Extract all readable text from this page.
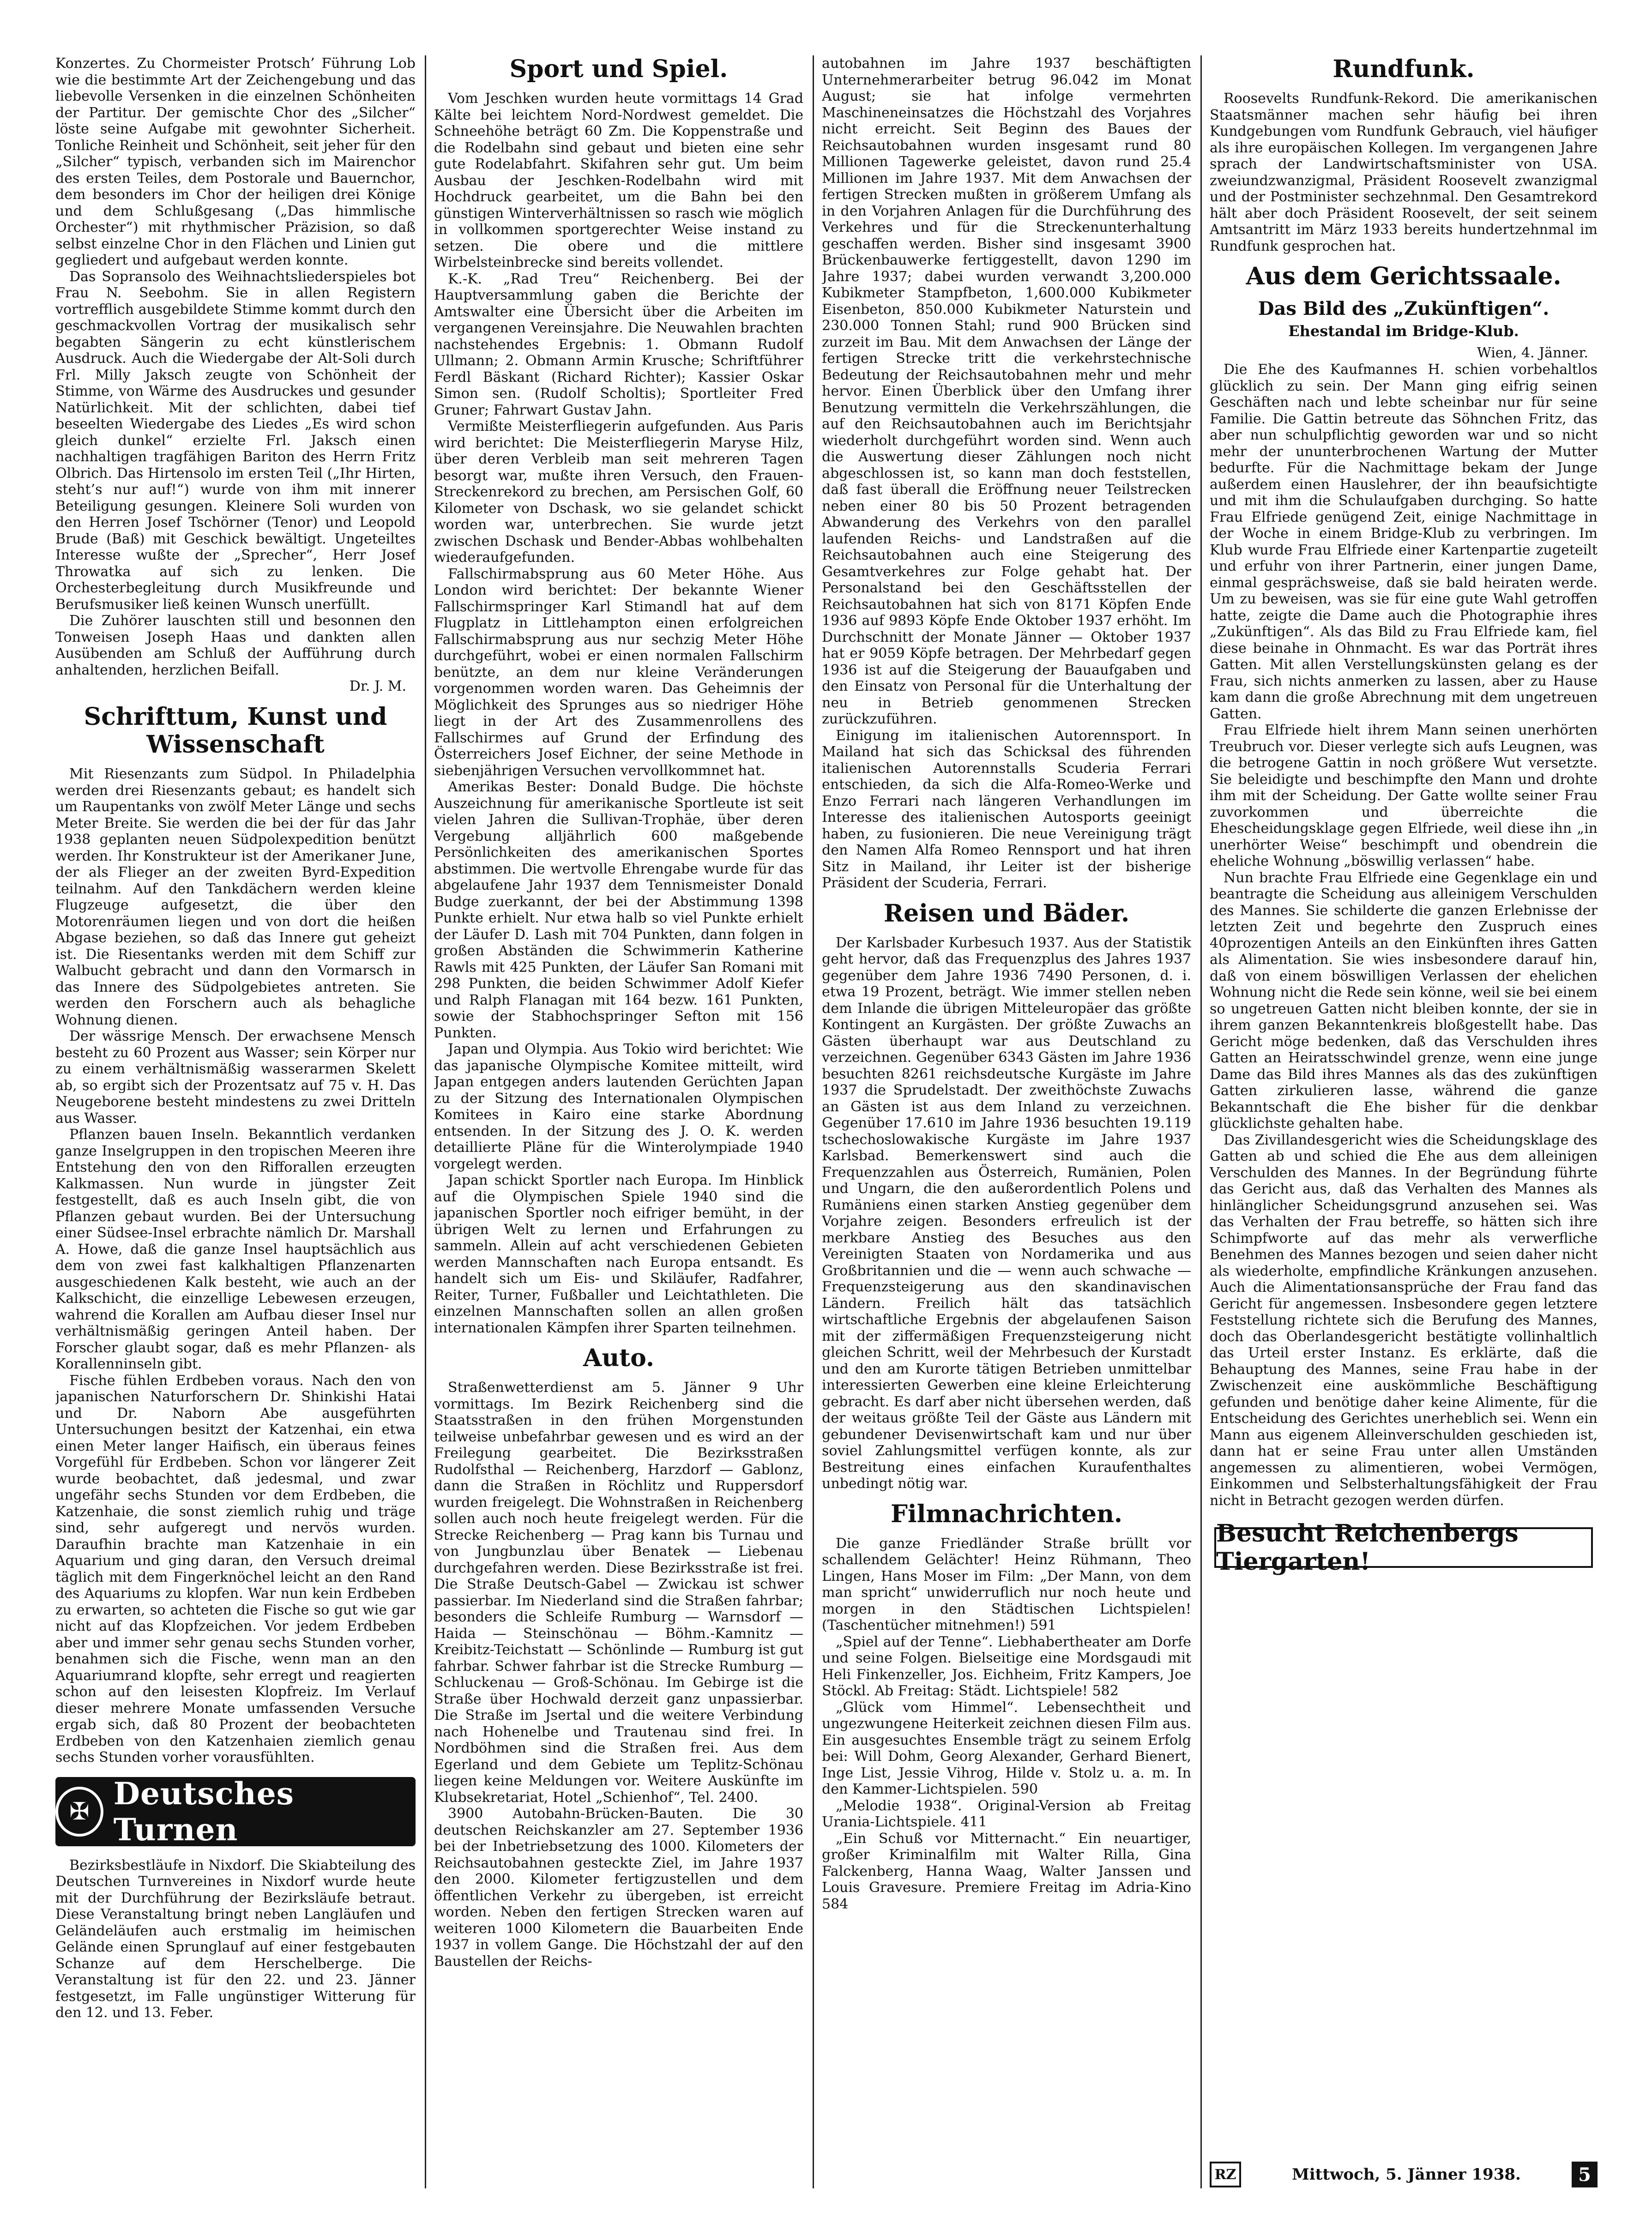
Konzertes. Zu Chormeister Protsch’ Führung Lob wie die bestimmte Art der Zeichengebung und das liebevolle Versenken in die einzelnen Schönheiten der Partitur. Der gemischte Chor des „Silcher“ löste seine Aufgabe mit gewohnter Sicherheit. Tonliche Reinheit und Schönheit, seit jeher für den „Silcher“ typisch, verbanden sich im Mairenchor des ersten Teiles, dem Postorale und Bauernchor, dem besonders im Chor der heiligen drei Könige und dem Schlußgesang („Das himmlische Orchester“) mit rhythmischer Präzision, so daß selbst einzelne Chor in den Flächen und Linien gut gegliedert und aufgebaut werden konnte.

Das Sopransolo des Weihnachtsliederspieles bot Frau N. Seebohm. Sie in allen Registern vortrefflich ausgebildete Stimme kommt durch den geschmackvollen Vortrag der musikalisch sehr begabten Sängerin zu echt künstlerischem Ausdruck. Auch die Wiedergabe der Alt-Soli durch Frl. Milly Jaksch zeugte von Schönheit der Stimme, von Wärme des Ausdruckes und gesunder Natürlichkeit. Mit der schlichten, dabei tief beseelten Wiedergabe des Liedes „Es wird schon gleich dunkel“ erzielte Frl. Jaksch einen nachhaltigen tragfähigen Bariton des Herrn Fritz Olbrich. Das Hirtensolo im ersten Teil („Ihr Hirten, steht’s nur auf!“) wurde von ihm mit innerer Beteiligung gesungen. Kleinere Soli wurden von den Herren Josef Tschörner (Tenor) und Leopold Brude (Baß) mit Geschick bewältigt. Ungeteiltes Interesse wußte der „Sprecher“, Herr Josef Throwatka auf sich zu lenken. Die Orchesterbegleitung durch Musikfreunde und Berufsmusiker ließ keinen Wunsch unerfüllt.

Die Zuhörer lauschten still und besonnen den Tonweisen Joseph Haas und dankten allen Ausübenden am Schluß der Aufführung durch anhaltenden, herzlichen Beifall.

Dr. J. M.

Schrifttum, Kunst und Wissenschaft

Mit Riesenzants zum Südpol. In Philadelphia werden drei Riesenzants gebaut; es handelt sich um Raupentanks von zwölf Meter Länge und sechs Meter Breite. Sie werden die bei der für das Jahr 1938 geplanten neuen Südpolexpedition benützt werden. Ihr Konstrukteur ist der Amerikaner June, der als Flieger an der zweiten Byrd-Expedition teilnahm. Auf den Tankdächern werden kleine Flugzeuge aufgesetzt, die über den Motorenräumen liegen und von dort die heißen Abgase beziehen, so daß das Innere gut geheizt ist. Die Riesentanks werden mit dem Schiff zur Walbucht gebracht und dann den Vormarsch in das Innere des Südpolgebietes antreten. Sie werden den Forschern auch als behagliche Wohnung dienen.

Der wässrige Mensch. Der erwachsene Mensch besteht zu 60 Prozent aus Wasser; sein Körper nur zu einem verhältnismäßig wasserarmen Skelett ab, so ergibt sich der Prozentsatz auf 75 v. H. Das Neugeborene besteht mindestens zu zwei Dritteln aus Wasser.

Pflanzen bauen Inseln. Bekanntlich verdanken ganze Inselgruppen in den tropischen Meeren ihre Entstehung den von den Rifforallen erzeugten Kalkmassen. Nun wurde in jüngster Zeit festgestellt, daß es auch Inseln gibt, die von Pflanzen gebaut wurden. Bei der Untersuchung einer Südsee-Insel erbrachte nämlich Dr. Marshall A. Howe, daß die ganze Insel hauptsächlich aus dem von zwei fast kalkhaltigen Pflanzenarten ausgeschiedenen Kalk besteht, wie auch an der Kalkschicht, die einzellige Lebewesen erzeugen, wahrend die Korallen am Aufbau dieser Insel nur verhältnismäßig geringen Anteil haben. Der Forscher glaubt sogar, daß es mehr Pflanzen- als Korallenninseln gibt.

Fische fühlen Erdbeben voraus. Nach den von japanischen Naturforschern Dr. Shinkishi Hatai und Dr. Naborn Abe ausgeführten Untersuchungen besitzt der Katzenhai, ein etwa einen Meter langer Haifisch, ein überaus feines Vorgefühl für Erdbeben. Schon vor längerer Zeit wurde beobachtet, daß jedesmal, und zwar ungefähr sechs Stunden vor dem Erdbeben, die Katzenhaie, die sonst ziemlich ruhig und träge sind, sehr aufgeregt und nervös wurden. Daraufhin brachte man Katzenhaie in ein Aquarium und ging daran, den Versuch dreimal täglich mit dem Fingerknöchel leicht an den Rand des Aquariums zu klopfen. War nun kein Erdbeben zu erwarten, so achteten die Fische so gut wie gar nicht auf das Klopfzeichen. Vor jedem Erdbeben aber und immer sehr genau sechs Stunden vorher, benahmen sich die Fische, wenn man an den Aquariumrand klopfte, sehr erregt und reagierten schon auf den leisesten Klopfreiz. Im Verlauf dieser mehrere Monate umfassenden Versuche ergab sich, daß 80 Prozent der beobachteten Erdbeben von den Katzenhaien ziemlich genau sechs Stunden vorher vorausfühlten.

✠ Deutsches Turnen

Bezirksbestläufe in Nixdorf. Die Skiabteilung des Deutschen Turnvereines in Nixdorf wurde heute mit der Durchführung der Bezirksläufe betraut. Diese Veranstaltung bringt neben Langläufen und Geländeläufen auch erstmalig im heimischen Gelände einen Sprunglauf auf einer festgebauten Schanze auf dem Herschelberge. Die Veranstaltung ist für den 22. und 23. Jänner festgesetzt, im Falle ungünstiger Witterung für den 12. und 13. Feber.

Sport und Spiel.

Vom Jeschken wurden heute vormittags 14 Grad Kälte bei leichtem Nord-Nordwest gemeldet. Die Schneehöhe beträgt 60 Zm. Die Koppenstraße und die Rodelbahn sind gebaut und bieten eine sehr gute Rodelabfahrt. Skifahren sehr gut. Um beim Ausbau der Jeschken-Rodelbahn wird mit Hochdruck gearbeitet, um die Bahn bei den günstigen Winterverhältnissen so rasch wie möglich in vollkommen sportgerechter Weise instand zu setzen. Die obere und die mittlere Wirbelsteinbrecke sind bereits vollendet.

K.-K. „Rad Treu“ Reichenberg. Bei der Hauptversammlung gaben die Berichte der Amtswalter eine Übersicht über die Arbeiten im vergangenen Vereinsjahre. Die Neuwahlen brachten nachstehendes Ergebnis: 1. Obmann Rudolf Ullmann; 2. Obmann Armin Krusche; Schriftführer Ferdl Bäskant (Richard Richter); Kassier Oskar Simon sen. (Rudolf Scholtis); Sportleiter Fred Gruner; Fahrwart Gustav Jahn.

Vermißte Meisterfliegerin aufgefunden. Aus Paris wird berichtet: Die Meisterfliegerin Maryse Hilz, über deren Verbleib man seit mehreren Tagen besorgt war, mußte ihren Versuch, den Frauen-Streckenrekord zu brechen, am Persischen Golf, 60 Kilometer von Dschask, wo sie gelandet schickt worden war, unterbrechen. Sie wurde jetzt zwischen Dschask und Bender-Abbas wohlbehalten wiederaufgefunden.

Fallschirmabsprung aus 60 Meter Höhe. Aus London wird berichtet: Der bekannte Wiener Fallschirmspringer Karl Stimandl hat auf dem Flugplatz in Littlehampton einen erfolgreichen Fallschirmabsprung aus nur sechzig Meter Höhe durchgeführt, wobei er einen normalen Fallschirm benützte, an dem nur kleine Veränderungen vorgenommen worden waren. Das Geheimnis der Möglichkeit des Sprunges aus so niedriger Höhe liegt in der Art des Zusammenrollens des Fallschirmes auf Grund der Erfindung des Österreichers Josef Eichner, der seine Methode in siebenjährigen Versuchen vervollkommnet hat.

Amerikas Bester: Donald Budge. Die höchste Auszeichnung für amerikanische Sportleute ist seit vielen Jahren die Sullivan-Trophäe, über deren Vergebung alljährlich 600 maßgebende Persönlichkeiten des amerikanischen Sportes abstimmen. Die wertvolle Ehrengabe wurde für das abgelaufene Jahr 1937 dem Tennismeister Donald Budge zuerkannt, der bei der Abstimmung 1398 Punkte erhielt. Nur etwa halb so viel Punkte erhielt der Läufer D. Lash mit 704 Punkten, dann folgen in großen Abständen die Schwimmerin Katherine Rawls mit 425 Punkten, der Läufer San Romani mit 298 Punkten, die beiden Schwimmer Adolf Kiefer und Ralph Flanagan mit 164 bezw. 161 Punkten, sowie der Stabhochspringer Sefton mit 156 Punkten.

Japan und Olympia. Aus Tokio wird berichtet: Wie das japanische Olympische Komitee mitteilt, wird Japan entgegen anders lautenden Gerüchten Japan zu der Sitzung des Internationalen Olympischen Komitees in Kairo eine starke Abordnung entsenden. In der Sitzung des J. O. K. werden detaillierte Pläne für die Winterolympiade 1940 vorgelegt werden.

Japan schickt Sportler nach Europa. Im Hinblick auf die Olympischen Spiele 1940 sind die japanischen Sportler noch eifriger bemüht, in der übrigen Welt zu lernen und Erfahrungen zu sammeln. Allein auf acht verschiedenen Gebieten werden Mannschaften nach Europa entsandt. Es handelt sich um Eis- und Skiläufer, Radfahrer, Reiter, Turner, Fußballer und Leichtathleten. Die einzelnen Mannschaften sollen an allen großen internationalen Kämpfen ihrer Sparten teilnehmen.

Auto.

Straßenwetterdienst am 5. Jänner 9 Uhr vormittags. Im Bezirk Reichenberg sind die Staatsstraßen in den frühen Morgenstunden teilweise unbefahrbar gewesen und es wird an der Freilegung gearbeitet. Die Bezirksstraßen Rudolfsthal — Reichenberg, Harzdorf — Gablonz, dann die Straßen in Röchlitz und Ruppersdorf wurden freigelegt. Die Wohnstraßen in Reichenberg sollen auch noch heute freigelegt werden. Für die Strecke Reichenberg — Prag kann bis Turnau und von Jungbunzlau über Benatek — Liebenau durchgefahren werden. Diese Bezirksstraße ist frei. Die Straße Deutsch-Gabel — Zwickau ist schwer passierbar. Im Niederland sind die Straßen fahrbar; besonders die Schleife Rumburg — Warnsdorf — Haida — Steinschönau — Böhm.-Kamnitz — Kreibitz-Teichstatt — Schönlinde — Rumburg ist gut fahrbar. Schwer fahrbar ist die Strecke Rumburg — Schluckenau — Groß-Schönau. Im Gebirge ist die Straße über Hochwald derzeit ganz unpassierbar. Die Straße im Jsertal und die weitere Verbindung nach Hohenelbe und Trautenau sind frei. In Nordböhmen sind die Straßen frei. Aus dem Egerland und dem Gebiete um Teplitz-Schönau liegen keine Meldungen vor. Weitere Auskünfte im Klubsekretariat, Hotel „Schienhof“, Tel. 2400.

3900 Autobahn-Brücken-Bauten. Die 30 deutschen Reichskanzler am 27. September 1936 bei der Inbetriebsetzung des 1000. Kilometers der Reichsautobahnen gesteckte Ziel, im Jahre 1937 den 2000. Kilometer fertigzustellen und dem öffentlichen Verkehr zu übergeben, ist erreicht worden. Neben den fertigen Strecken waren auf weiteren 1000 Kilometern die Bauarbeiten Ende 1937 in vollem Gange. Die Höchstzahl der auf den Baustellen der Reichs-

autobahnen im Jahre 1937 beschäftigten Unternehmerarbeiter betrug 96.042 im Monat August; sie hat infolge vermehrten Maschineneinsatzes die Höchstzahl des Vorjahres nicht erreicht. Seit Beginn des Baues der Reichsautobahnen wurden insgesamt rund 80 Millionen Tagewerke geleistet, davon rund 25.4 Millionen im Jahre 1937. Mit dem Anwachsen der fertigen Strecken mußten in größerem Umfang als in den Vorjahren Anlagen für die Durchführung des Verkehres und für die Streckenunterhaltung geschaffen werden. Bisher sind insgesamt 3900 Brückenbauwerke fertiggestellt, davon 1290 im Jahre 1937; dabei wurden verwandt 3,200.000 Kubikmeter Stampfbeton, 1,600.000 Kubikmeter Eisenbeton, 850.000 Kubikmeter Naturstein und 230.000 Tonnen Stahl; rund 900 Brücken sind zurzeit im Bau. Mit dem Anwachsen der Länge der fertigen Strecke tritt die verkehrstechnische Bedeutung der Reichsautobahnen mehr und mehr hervor. Einen Überblick über den Umfang ihrer Benutzung vermitteln die Verkehrszählungen, die auf den Reichsautobahnen auch im Berichtsjahr wiederholt durchgeführt worden sind. Wenn auch die Auswertung dieser Zählungen noch nicht abgeschlossen ist, so kann man doch feststellen, daß fast überall die Eröffnung neuer Teilstrecken neben einer 80 bis 50 Prozent betragenden Abwanderung des Verkehrs von den parallel laufenden Reichs- und Landstraßen auf die Reichsautobahnen auch eine Steigerung des Gesamtverkehres zur Folge gehabt hat. Der Personalstand bei den Geschäftsstellen der Reichsautobahnen hat sich von 8171 Köpfen Ende 1936 auf 9893 Köpfe Ende Oktober 1937 erhöht. Im Durchschnitt der Monate Jänner — Oktober 1937 hat er 9059 Köpfe betragen. Der Mehrbedarf gegen 1936 ist auf die Steigerung der Bauaufgaben und den Einsatz von Personal für die Unterhaltung der neu in Betrieb genommenen Strecken zurückzuführen.

Einigung im italienischen Autorennsport. In Mailand hat sich das Schicksal des führenden italienischen Autorennstalls Scuderia Ferrari entschieden, da sich die Alfa-Romeo-Werke und Enzo Ferrari nach längeren Verhandlungen im Interesse des italienischen Autosports geeinigt haben, zu fusionieren. Die neue Vereinigung trägt den Namen Alfa Romeo Rennsport und hat ihren Sitz in Mailand, ihr Leiter ist der bisherige Präsident der Scuderia, Ferrari.

Reisen und Bäder.

Der Karlsbader Kurbesuch 1937. Aus der Statistik geht hervor, daß das Frequenzplus des Jahres 1937 gegenüber dem Jahre 1936 7490 Personen, d. i. etwa 19 Prozent, beträgt. Wie immer stellen neben dem Inlande die übrigen Mitteleuropäer das größte Kontingent an Kurgästen. Der größte Zuwachs an Gästen überhaupt war aus Deutschland zu verzeichnen. Gegenüber 6343 Gästen im Jahre 1936 besuchten 8261 reichsdeutsche Kurgäste im Jahre 1937 die Sprudelstadt. Der zweithöchste Zuwachs an Gästen ist aus dem Inland zu verzeichnen. Gegenüber 17.610 im Jahre 1936 besuchten 19.119 tschechoslowakische Kurgäste im Jahre 1937 Karlsbad. Bemerkenswert sind auch die Frequenzzahlen aus Österreich, Rumänien, Polen und Ungarn, die den außerordentlich Polens und Rumäniens einen starken Anstieg gegenüber dem Vorjahre zeigen. Besonders erfreulich ist der merkbare Anstieg des Besuches aus den Vereinigten Staaten von Nordamerika und aus Großbritannien und die — wenn auch schwache — Frequenzsteigerung aus den skandinavischen Ländern. Freilich hält das tatsächlich wirtschaftliche Ergebnis der abgelaufenen Saison mit der ziffermäßigen Frequenzsteigerung nicht gleichen Schritt, weil der Mehrbesuch der Kurstadt und den am Kurorte tätigen Betrieben unmittelbar interessierten Gewerben eine kleine Erleichterung gebracht. Es darf aber nicht übersehen werden, daß der weitaus größte Teil der Gäste aus Ländern mit gebundener Devisenwirtschaft kam und nur über soviel Zahlungsmittel verfügen konnte, als zur Bestreitung eines einfachen Kuraufenthaltes unbedingt nötig war.

Filmnachrichten.

Die ganze Friedländer Straße brüllt vor schallendem Gelächter! Heinz Rühmann, Theo Lingen, Hans Moser im Film: „Der Mann, von dem man spricht“ unwiderruflich nur noch heute und morgen in den Städtischen Lichtspielen! (Taschentücher mitnehmen!) 591

„Spiel auf der Tenne“. Liebhabertheater am Dorfe und seine Folgen. Bielseitige eine Mordsgaudi mit Heli Finkenzeller, Jos. Eichheim, Fritz Kampers, Joe Stöckl. Ab Freitag: Städt. Lichtspiele! 582

„Glück vom Himmel“. Lebensechtheit und ungezwungene Heiterkeit zeichnen diesen Film aus. Ein ausgesuchtes Ensemble trägt zu seinem Erfolg bei: Will Dohm, Georg Alexander, Gerhard Bienert, Inge List, Jessie Vihrog, Hilde v. Stolz u. a. m. In den Kammer-Lichtspielen. 590

„Melodie 1938“. Original-Version ab Freitag Urania-Lichtspiele. 411

„Ein Schuß vor Mitternacht.“ Ein neuartiger, großer Kriminalfilm mit Walter Rilla, Gina Falckenberg, Hanna Waag, Walter Janssen und Louis Gravesure. Premiere Freitag im Adria-Kino 584

Rundfunk.

Roosevelts Rundfunk-Rekord. Die amerikanischen Staatsmänner machen sehr häufig bei ihren Kundgebungen vom Rundfunk Gebrauch, viel häufiger als ihre europäischen Kollegen. Im vergangenen Jahre sprach der Landwirtschaftsminister von USA. zweiundzwanzigmal, Präsident Roosevelt zwanzigmal und der Postminister sechzehnmal. Den Gesamtrekord hält aber doch Präsident Roosevelt, der seit seinem Amtsantritt im März 1933 bereits hundertzehnmal im Rundfunk gesprochen hat.

Aus dem Gerichtssaale.
Das Bild des „Zukünftigen“.
Ehestandal im Bridge-Klub.

Wien, 4. Jänner.

Die Ehe des Kaufmannes H. schien vorbehaltlos glücklich zu sein. Der Mann ging eifrig seinen Geschäften nach und lebte scheinbar nur für seine Familie. Die Gattin betreute das Söhnchen Fritz, das aber nun schulpflichtig geworden war und so nicht mehr der ununterbrochenen Wartung der Mutter bedurfte. Für die Nachmittage bekam der Junge außerdem einen Hauslehrer, der ihn beaufsichtigte und mit ihm die Schulaufgaben durchging. So hatte Frau Elfriede genügend Zeit, einige Nachmittage in der Woche in einem Bridge-Klub zu verbringen. Im Klub wurde Frau Elfriede einer Kartenpartie zugeteilt und erfuhr von ihrer Partnerin, einer jungen Dame, einmal gesprächsweise, daß sie bald heiraten werde. Um zu beweisen, was sie für eine gute Wahl getroffen hatte, zeigte die Dame auch die Photographie ihres „Zukünftigen“. Als das Bild zu Frau Elfriede kam, fiel diese beinahe in Ohnmacht. Es war das Porträt ihres Gatten. Mit allen Verstellungskünsten gelang es der Frau, sich nichts anmerken zu lassen, aber zu Hause kam dann die große Abrechnung mit dem ungetreuen Gatten.

Frau Elfriede hielt ihrem Mann seinen unerhörten Treubruch vor. Dieser verlegte sich aufs Leugnen, was die betrogene Gattin in noch größere Wut versetzte. Sie beleidigte und beschimpfte den Mann und drohte ihm mit der Scheidung. Der Gatte wollte seiner Frau zuvorkommen und überreichte die Ehescheidungsklage gegen Elfriede, weil diese ihn „in unerhörter Weise“ beschimpft und obendrein die eheliche Wohnung „böswillig verlassen“ habe.

Nun brachte Frau Elfriede eine Gegenklage ein und beantragte die Scheidung aus alleinigem Verschulden des Mannes. Sie schilderte die ganzen Erlebnisse der letzten Zeit und begehrte den Zuspruch eines 40prozentigen Anteils an den Einkünften ihres Gatten als Alimentation. Sie wies insbesondere darauf hin, daß von einem böswilligen Verlassen der ehelichen Wohnung nicht die Rede sein könne, weil sie bei einem so ungetreuen Gatten nicht bleiben konnte, der sie in ihrem ganzen Bekanntenkreis bloßgestellt habe. Das Gericht möge bedenken, daß das Verschulden ihres Gatten an Heiratsschwindel grenze, wenn eine junge Dame das Bild ihres Mannes als das des zukünftigen Gatten zirkulieren lasse, während die ganze Bekanntschaft die Ehe bisher für die denkbar glücklichste gehalten habe.

Das Zivillandesgericht wies die Scheidungsklage des Gatten ab und schied die Ehe aus dem alleinigen Verschulden des Mannes. In der Begründung führte das Gericht aus, daß das Verhalten des Mannes als hinlänglicher Scheidungsgrund anzusehen sei. Was das Verhalten der Frau betreffe, so hätten sich ihre Schimpfworte auf das mehr als verwerfliche Benehmen des Mannes bezogen und seien daher nicht als wiederholte, empfindliche Kränkungen anzusehen. Auch die Alimentationsansprüche der Frau fand das Gericht für angemessen. Insbesondere gegen letztere Feststellung richtete sich die Berufung des Mannes, doch das Oberlandesgericht bestätigte vollinhaltlich das Urteil erster Instanz. Es erklärte, daß die Behauptung des Mannes, seine Frau habe in der Zwischenzeit eine auskömmliche Beschäftigung gefunden und benötige daher keine Alimente, für die Entscheidung des Gerichtes unerheblich sei. Wenn ein Mann aus eigenem Alleinverschulden geschieden ist, dann hat er seine Frau unter allen Umständen angemessen zu alimentieren, wobei Vermögen, Einkommen und Selbsterhaltungsfähigkeit der Frau nicht in Betracht gezogen werden dürfen.

Besucht Reichenbergs Tiergarten!
RZ	Mittwoch, 5. Jänner 1938.	5
